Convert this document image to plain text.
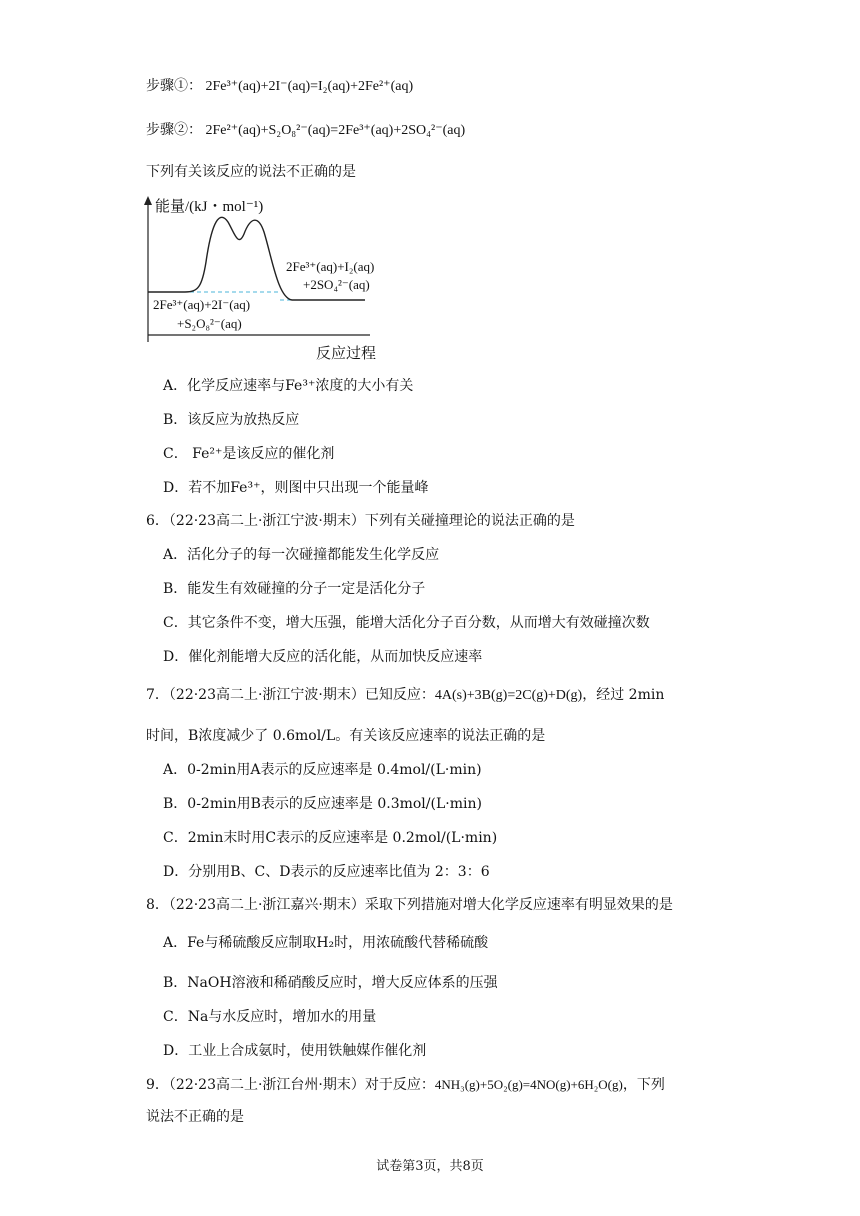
步骤①： 2Fe³⁺(aq)+2I⁻(aq)=I₂(aq)+2Fe²⁺(aq)
步骤②： 2Fe²⁺(aq)+S₂O₈²⁻(aq)=2Fe³⁺(aq)+2SO₄²⁻(aq)
下列有关该反应的说法不正确的是
能量/(kJ・mol⁻¹)
2Fe³⁺(aq)+2I⁻(aq)
+S₂O₈²⁻(aq)
2Fe³⁺(aq)+I₂(aq)
+2SO₄²⁻(aq)
反应过程
A．化学反应速率与Fe³⁺浓度的大小有关
B．该反应为放热反应
C． Fe²⁺是该反应的催化剂
D．若不加Fe³⁺，则图中只出现一个能量峰
6．（22·23高二上·浙江宁波·期末）下列有关碰撞理论的说法正确的是
A．活化分子的每一次碰撞都能发生化学反应
B．能发生有效碰撞的分子一定是活化分子
C．其它条件不变，增大压强，能增大活化分子百分数，从而增大有效碰撞次数
D．催化剂能增大反应的活化能，从而加快反应速率
7．（22·23高二上·浙江宁波·期末）已知反应：4A(s)+3B(g)=2C(g)+D(g)，经过 2min
时间，B浓度减少了 0.6mol/L。有关该反应速率的说法正确的是
A．0-2min用A表示的反应速率是 0.4mol/(L·min)
B．0-2min用B表示的反应速率是 0.3mol/(L·min)
C．2min末时用C表示的反应速率是 0.2mol/(L·min)
D．分别用B、C、D表示的反应速率比值为 2：3：6
8．（22·23高二上·浙江嘉兴·期末）采取下列措施对增大化学反应速率有明显效果的是
A．Fe与稀硫酸反应制取H₂时，用浓硫酸代替稀硫酸
B．NaOH溶液和稀硝酸反应时，增大反应体系的压强
C．Na与水反应时，增加水的用量
D．工业上合成氨时，使用铁触媒作催化剂
9．（22·23高二上·浙江台州·期末）对于反应：4NH₃(g)+5O₂(g)=4NO(g)+6H₂O(g)，下列
说法不正确的是
试卷第3页，共8页
